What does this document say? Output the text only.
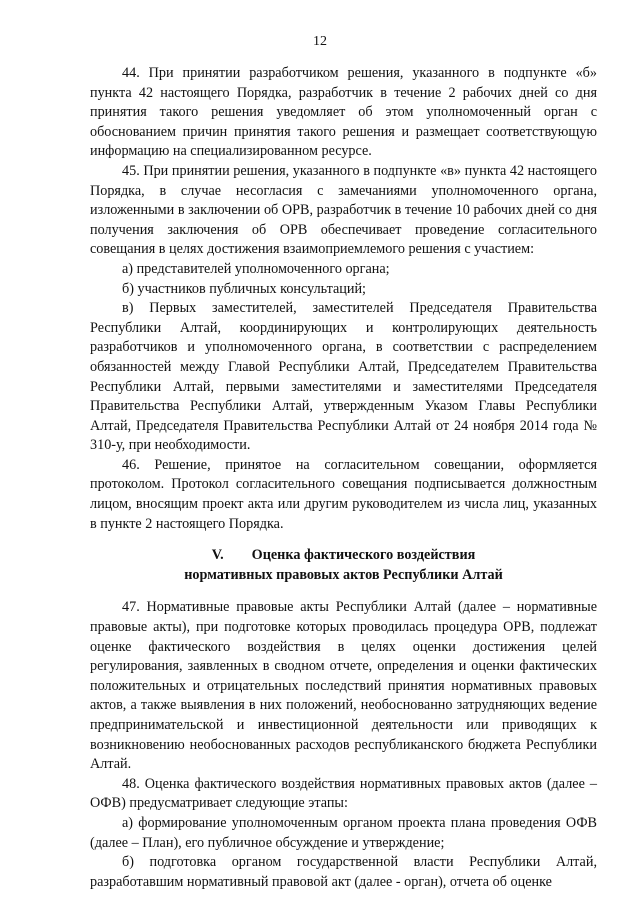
12

44. При принятии разработчиком решения, указанного в подпункте «б» пункта 42 настоящего Порядка, разработчик в течение 2 рабочих дней со дня принятия такого решения уведомляет об этом уполномоченный орган с обоснованием причин принятия такого решения и размещает соответствующую информацию на специализированном ресурсе.

45. При принятии решения, указанного в подпункте «в» пункта 42 настоящего Порядка, в случае несогласия с замечаниями уполномоченного органа, изложенными в заключении об ОРВ, разработчик в течение 10 рабочих дней со дня получения заключения об ОРВ обеспечивает проведение согласительного совещания в целях достижения взаимоприемлемого решения с участием:

а) представителей уполномоченного органа;

б) участников публичных консультаций;

в) Первых заместителей, заместителей Председателя Правительства Республики Алтай, координирующих и контролирующих деятельность разработчиков и уполномоченного органа, в соответствии с распределением обязанностей между Главой Республики Алтай, Председателем Правительства Республики Алтай, первыми заместителями и заместителями Председателя Правительства Республики Алтай, утвержденным Указом Главы Республики Алтай, Председателя Правительства Республики Алтай от 24 ноября 2014 года № 310-у, при необходимости.

46. Решение, принятое на согласительном совещании, оформляется протоколом. Протокол согласительного совещания подписывается должностным лицом, вносящим проект акта или другим руководителем из числа лиц, указанных в пункте 2 настоящего Порядка.

V. Оценка фактического воздействия
нормативных правовых актов Республики Алтай

47. Нормативные правовые акты Республики Алтай (далее – нормативные правовые акты), при подготовке которых проводилась процедура ОРВ, подлежат оценке фактического воздействия в целях оценки достижения целей регулирования, заявленных в сводном отчете, определения и оценки фактических положительных и отрицательных последствий принятия нормативных правовых актов, а также выявления в них положений, необоснованно затрудняющих ведение предпринимательской и инвестиционной деятельности или приводящих к возникновению необоснованных расходов республиканского бюджета Республики Алтай.

48. Оценка фактического воздействия нормативных правовых актов (далее – ОФВ) предусматривает следующие этапы:

а) формирование уполномоченным органом проекта плана проведения ОФВ (далее – План), его публичное обсуждение и утверждение;

б) подготовка органом государственной власти Республики Алтай, разработавшим нормативный правовой акт (далее - орган), отчета об оценке
